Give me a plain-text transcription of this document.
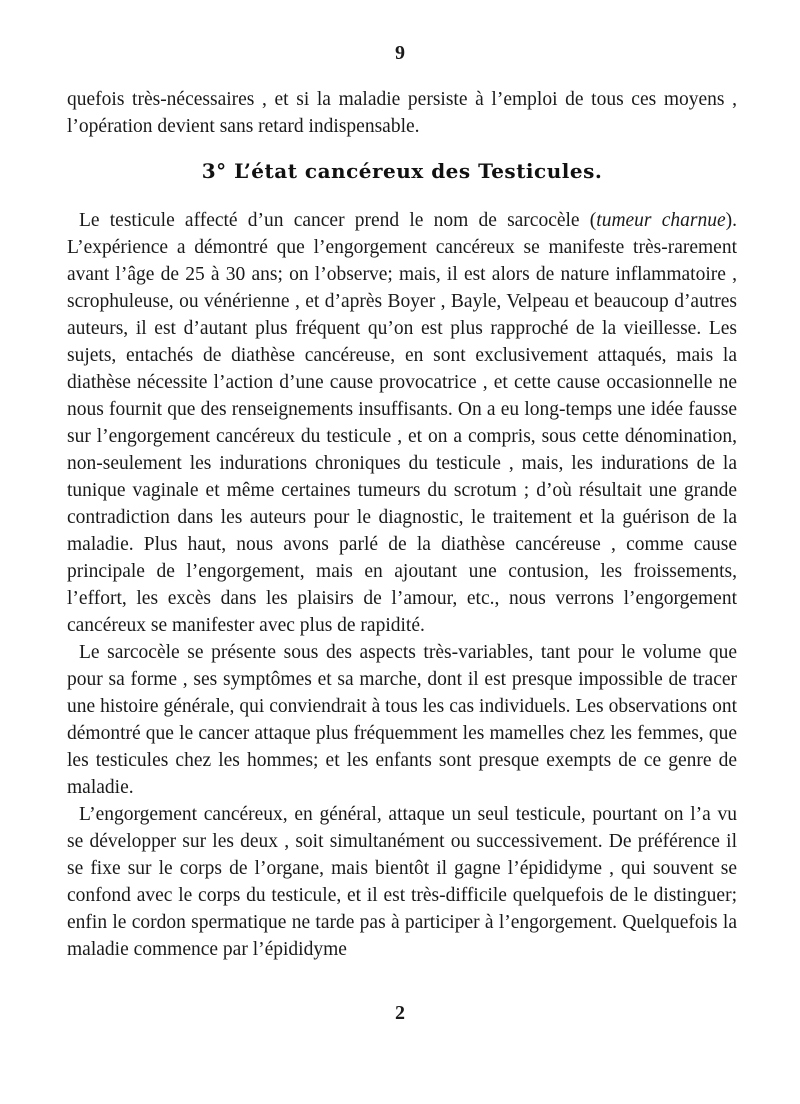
9

quefois très-nécessaires , et si la maladie persiste à l’emploi de tous ces moyens , l’opération devient sans retard indispensable.

3° L’état cancéreux des Testicules.

Le testicule affecté d’un cancer prend le nom de sarcocèle (tumeur charnue). L’expérience a démontré que l’engorgement cancéreux se manifeste très-rarement avant l’âge de 25 à 30 ans; on l’observe; mais, il est alors de nature inflammatoire , scrophuleuse, ou vénérienne , et d’après Boyer , Bayle, Velpeau et beaucoup d’autres auteurs, il est d’autant plus fréquent qu’on est plus rapproché de la vieillesse. Les sujets, entachés de diathèse cancéreuse, en sont exclusivement attaqués, mais la diathèse nécessite l’action d’une cause provocatrice , et cette cause occasionnelle ne nous fournit que des renseignements insuffisants. On a eu long-temps une idée fausse sur l’engorgement cancéreux du testicule , et on a compris, sous cette dénomination, non-seulement les indurations chroniques du testicule , mais, les indurations de la tunique vaginale et même certaines tumeurs du scrotum ; d’où résultait une grande contradiction dans les auteurs pour le diagnostic, le traitement et la guérison de la maladie. Plus haut, nous avons parlé de la diathèse cancéreuse , comme cause principale de l’engorgement, mais en ajoutant une contusion, les froissements, l’effort, les excès dans les plaisirs de l’amour, etc., nous verrons l’engorgement cancéreux se manifester avec plus de rapidité.

Le sarcocèle se présente sous des aspects très-variables, tant pour le volume que pour sa forme , ses symptômes et sa marche, dont il est presque impossible de tracer une histoire générale, qui conviendrait à tous les cas individuels. Les observations ont démontré que le cancer attaque plus fréquemment les mamelles chez les femmes, que les testicules chez les hommes; et les enfants sont presque exempts de ce genre de maladie.

L’engorgement cancéreux, en général, attaque un seul testicule, pourtant on l’a vu se développer sur les deux , soit simultanément ou successivement. De préférence il se fixe sur le corps de l’organe, mais bientôt il gagne l’épididyme , qui souvent se confond avec le corps du testicule, et il est très-difficile quelquefois de le distinguer; enfin le cordon spermatique ne tarde pas à participer à l’engorgement. Quelquefois la maladie commence par l’épididyme

2
